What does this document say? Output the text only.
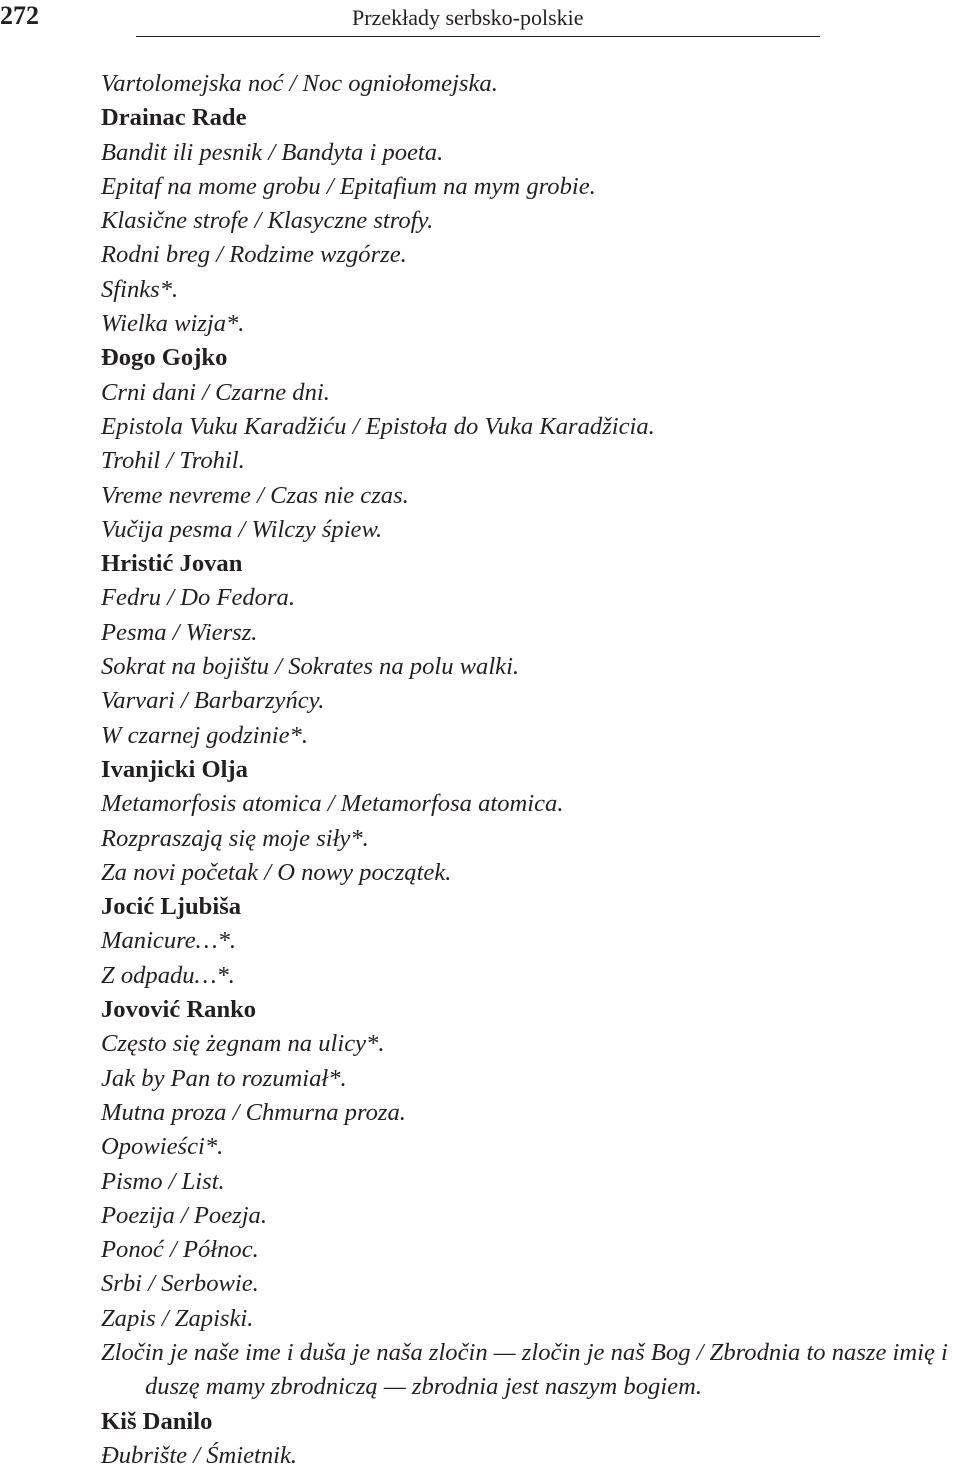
272	Przekłady serbsko-polskie
Vartolomejska noć / Noc ogniołomejska.
Drainac Rade
Bandit ili pesnik / Bandyta i poeta.
Epitaf na mome grobu / Epitafium na mym grobie.
Klasične strofe / Klasyczne strofy.
Rodni breg / Rodzime wzgórze.
Sfinks*.
Wielka wizja*.
Đogo Gojko
Crni dani / Czarne dni.
Epistola Vuku Karadžiću / Epistoła do Vuka Karadžicia.
Trohil / Trohil.
Vreme nevreme / Czas nie czas.
Vučija pesma / Wilczy śpiew.
Hristić Jovan
Fedru / Do Fedora.
Pesma / Wiersz.
Sokrat na bojištu / Sokrates na polu walki.
Varvari / Barbarzyńcy.
W czarnej godzinie*.
Ivanjicki Olja
Metamorfosis atomica / Metamorfosa atomica.
Rozpraszają się moje siły*.
Za novi početak / O nowy początek.
Jocić Ljubiša
Manicure…*.
Z odpadu…*.
Jovović Ranko
Często się żegnam na ulicy*.
Jak by Pan to rozumiał*.
Mutna proza / Chmurna proza.
Opowieści*.
Pismo / List.
Poezija / Poezja.
Ponoć / Północ.
Srbi / Serbowie.
Zapis / Zapiski.
Zločin je naše ime i duša je naša zločin — zločin je naš Bog / Zbrodnia to nasze imię i duszę mamy zbrodniczą — zbrodnia jest naszym bogiem.
Kiš Danilo
Đubrište / Śmietnik.
